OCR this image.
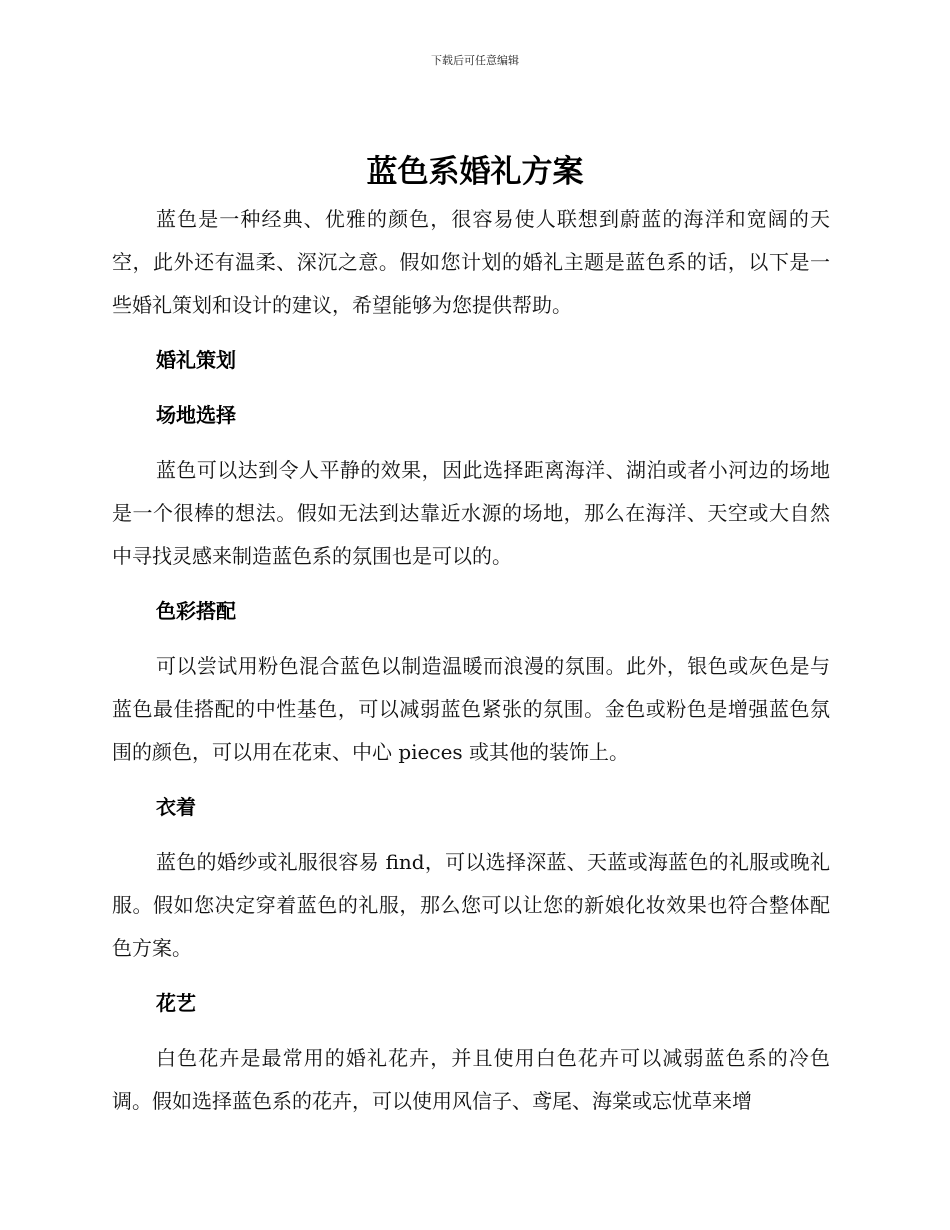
下载后可任意编辑
蓝色系婚礼方案

蓝色是一种经典、优雅的颜色，很容易使人联想到蔚蓝的海洋和宽阔的天空，此外还有温柔、深沉之意。假如您计划的婚礼主题是蓝色系的话，以下是一些婚礼策划和设计的建议，希望能够为您提供帮助。

婚礼策划
场地选择

蓝色可以达到令人平静的效果，因此选择距离海洋、湖泊或者小河边的场地是一个很棒的想法。假如无法到达靠近水源的场地，那么在海洋、天空或大自然中寻找灵感来制造蓝色系的氛围也是可以的。

色彩搭配

可以尝试用粉色混合蓝色以制造温暖而浪漫的氛围。此外，银色或灰色是与蓝色最佳搭配的中性基色，可以减弱蓝色紧张的氛围。金色或粉色是增强蓝色氛围的颜色，可以用在花束、中心 pieces 或其他的装饰上。

衣着

蓝色的婚纱或礼服很容易 find，可以选择深蓝、天蓝或海蓝色的礼服或晚礼服。假如您决定穿着蓝色的礼服，那么您可以让您的新娘化妆效果也符合整体配色方案。

花艺

白色花卉是最常用的婚礼花卉，并且使用白色花卉可以减弱蓝色系的冷色调。假如选择蓝色系的花卉，可以使用风信子、鸢尾、海棠或忘忧草来增
